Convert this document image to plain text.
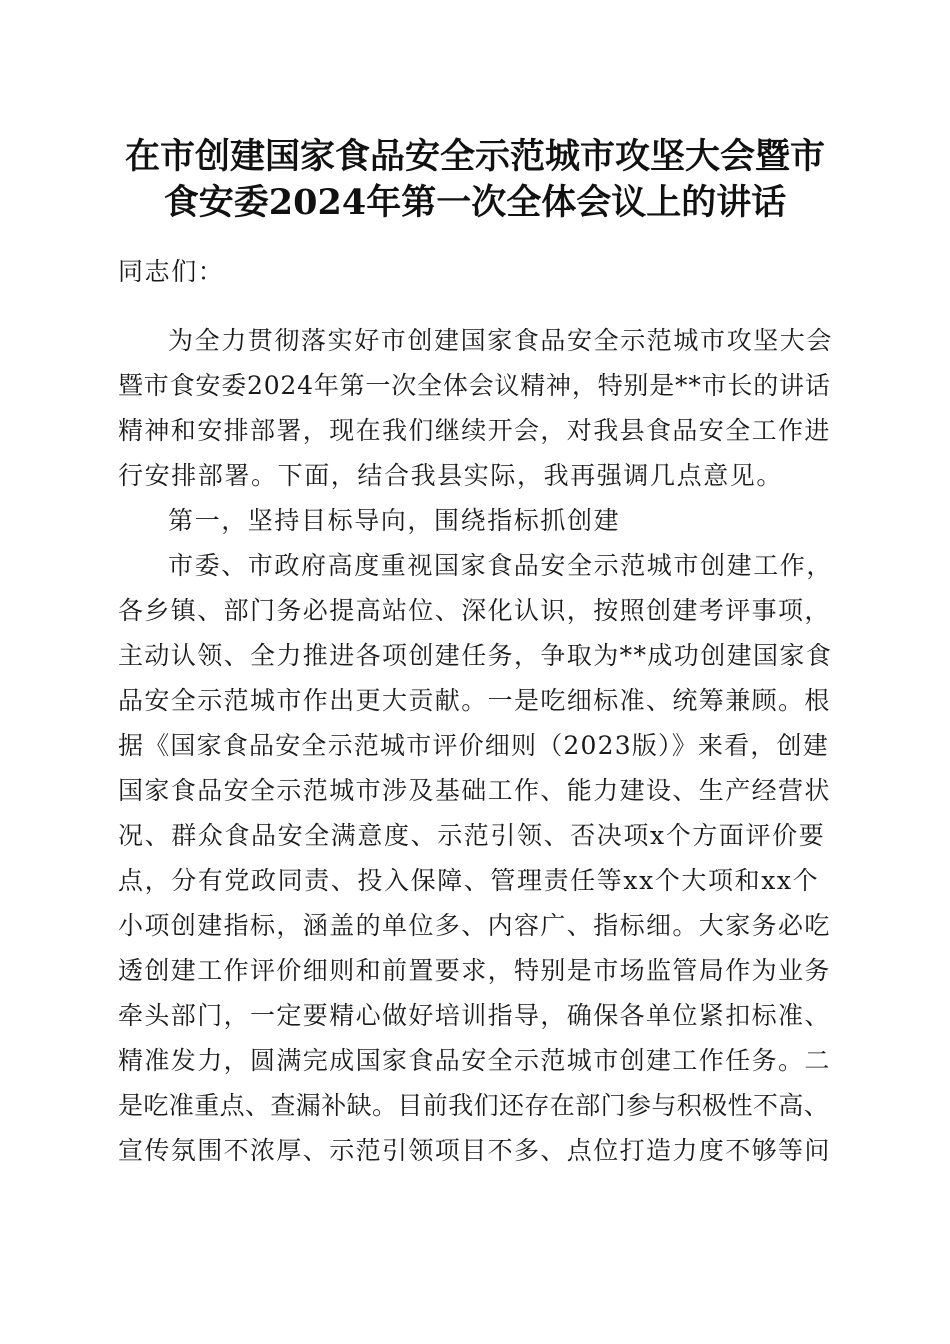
在市创建国家食品安全示范城市攻坚大会暨市
食安委2024年第一次全体会议上的讲话
同志们：
为全力贯彻落实好市创建国家食品安全示范城市攻坚大会
暨市食安委2024年第一次全体会议精神，特别是**市长的讲话
精神和安排部署，现在我们继续开会，对我县食品安全工作进
行安排部署。下面，结合我县实际，我再强调几点意见。
第一，坚持目标导向，围绕指标抓创建
市委、市政府高度重视国家食品安全示范城市创建工作，
各乡镇、部门务必提高站位、深化认识，按照创建考评事项，
主动认领、全力推进各项创建任务，争取为**成功创建国家食
品安全示范城市作出更大贡献。一是吃细标准、统筹兼顾。根
据《国家食品安全示范城市评价细则（2023版）》来看，创建
国家食品安全示范城市涉及基础工作、能力建设、生产经营状
况、群众食品安全满意度、示范引领、否决项x个方面评价要
点，分有党政同责、投入保障、管理责任等xx个大项和xx个
小项创建指标，涵盖的单位多、内容广、指标细。大家务必吃
透创建工作评价细则和前置要求，特别是市场监管局作为业务
牵头部门，一定要精心做好培训指导，确保各单位紧扣标准、
精准发力，圆满完成国家食品安全示范城市创建工作任务。二
是吃准重点、查漏补缺。目前我们还存在部门参与积极性不高、
宣传氛围不浓厚、示范引领项目不多、点位打造力度不够等问
